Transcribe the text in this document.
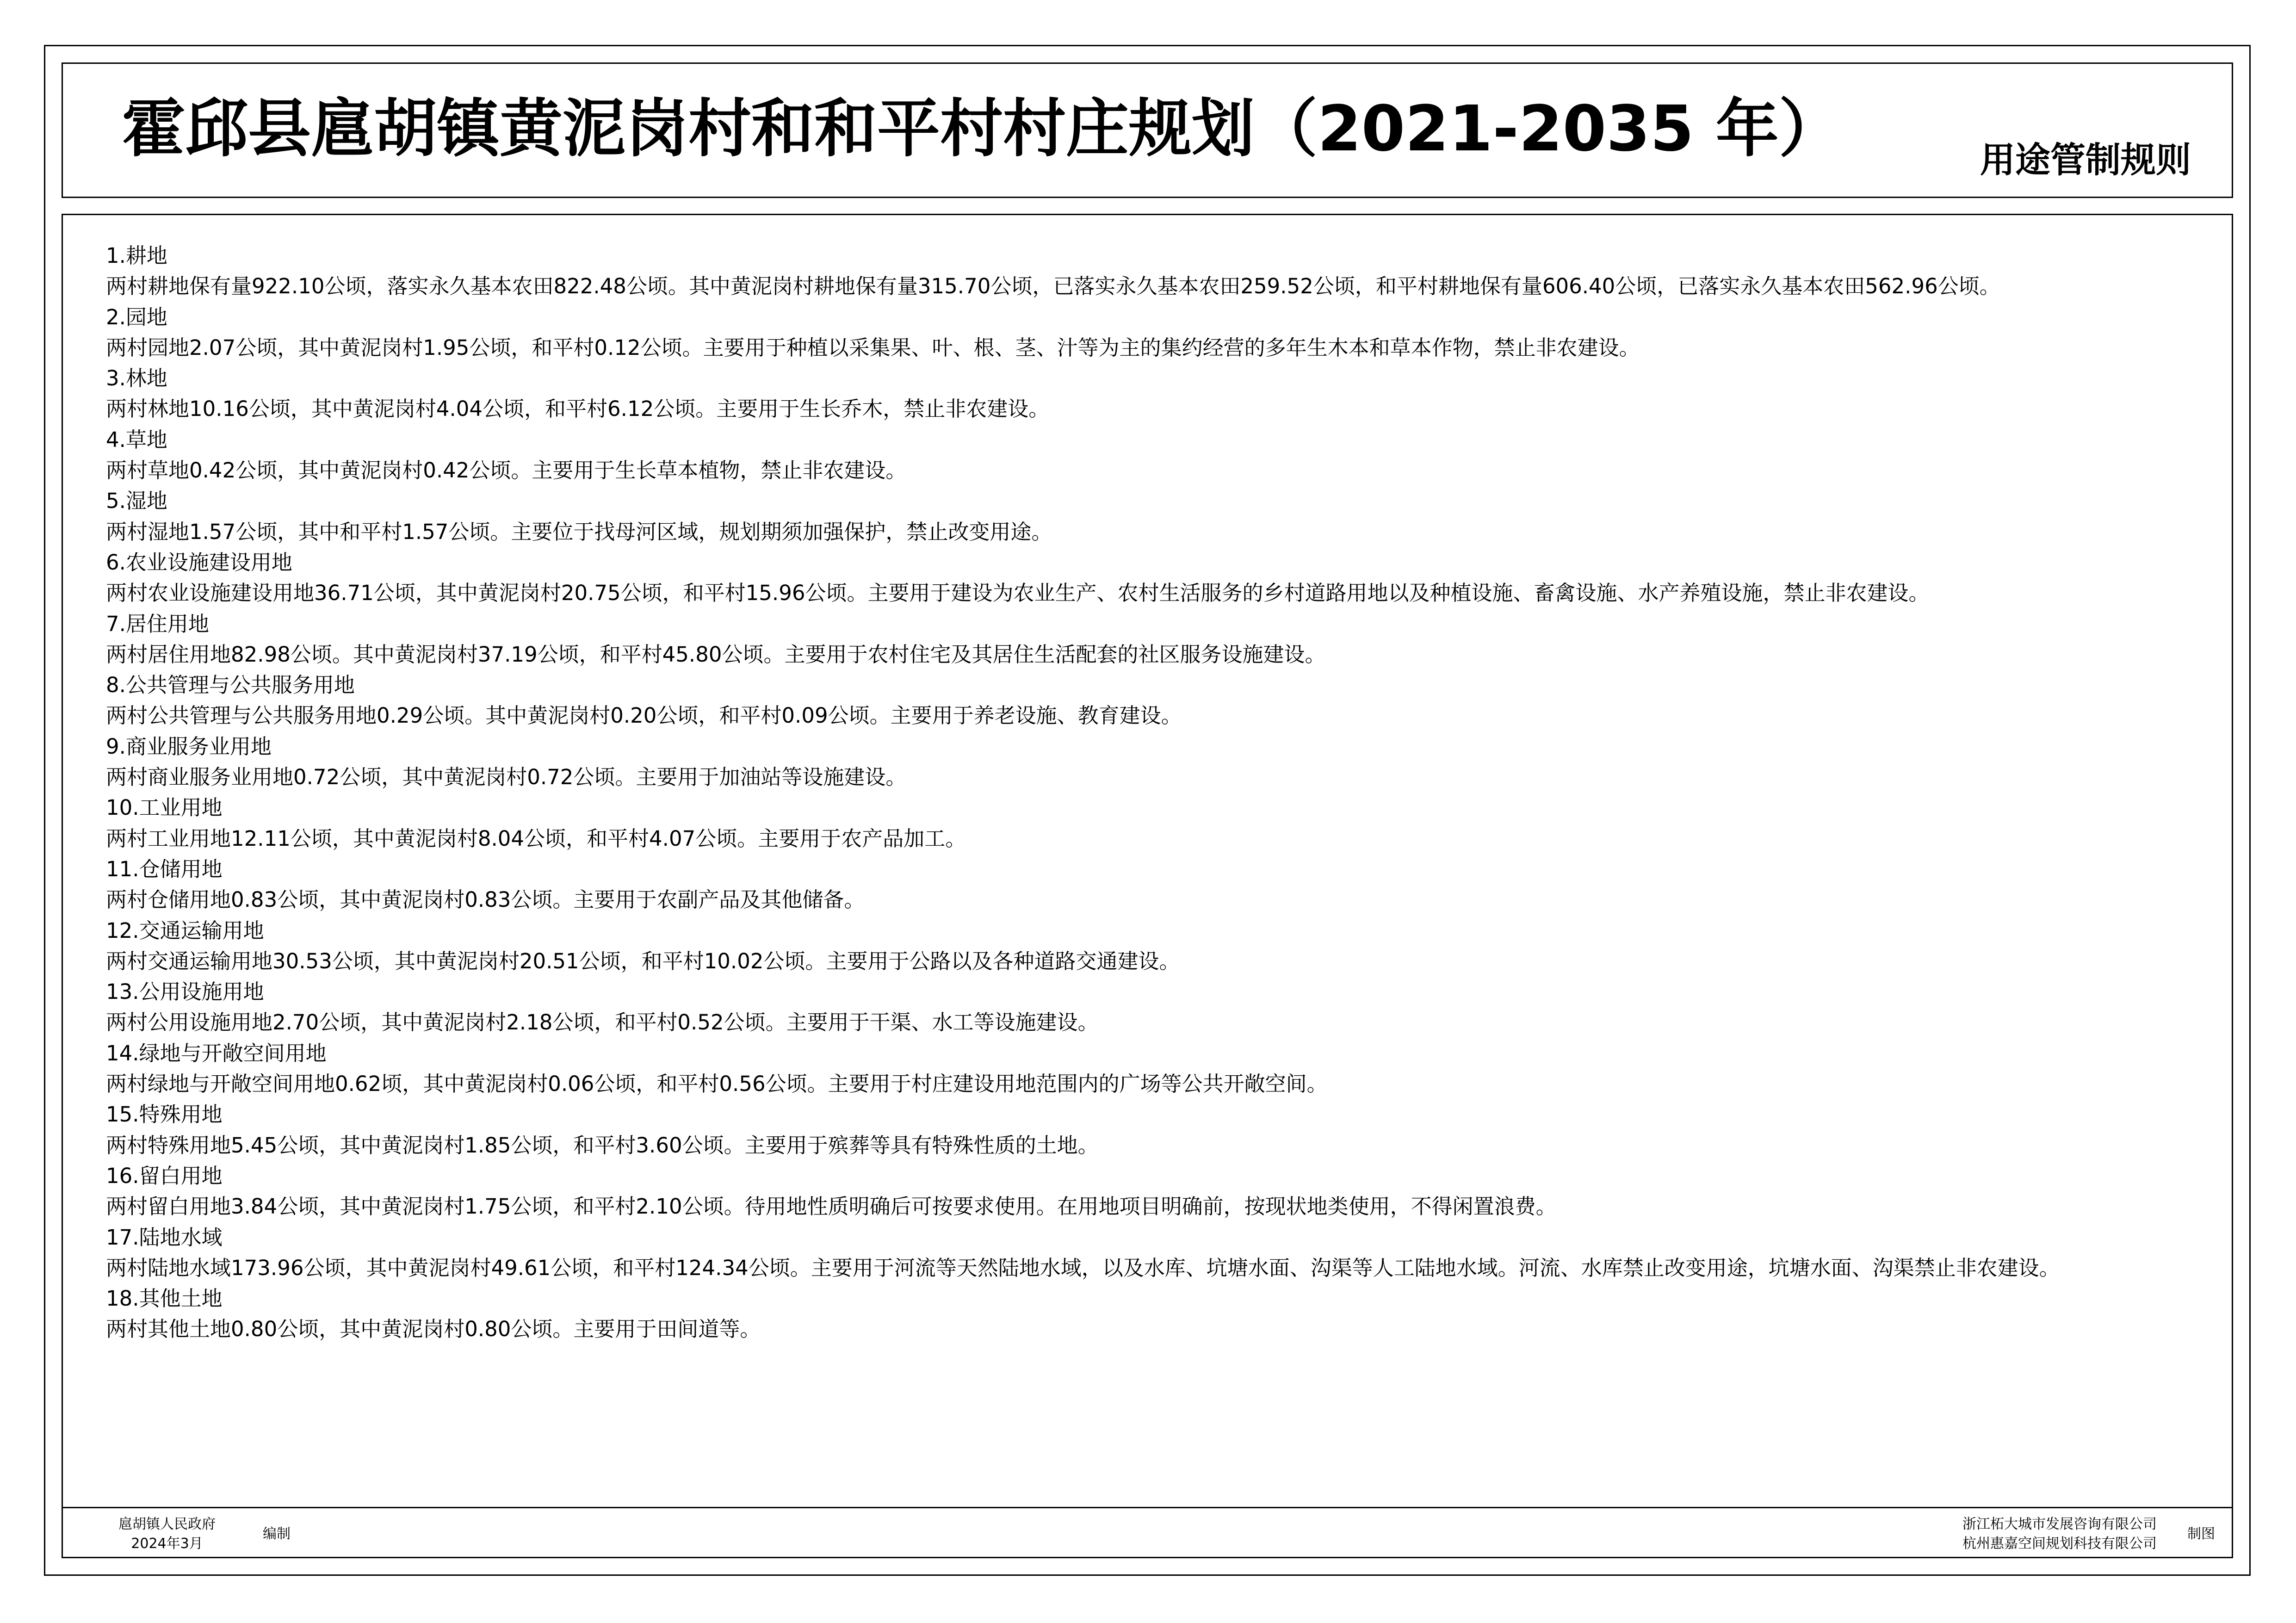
霍邱县扈胡镇黄泥岗村和和平村村庄规划（2021-2035 年）	用途管制规则
1.耕地
两村耕地保有量922.10公顷，落实永久基本农田822.48公顷。其中黄泥岗村耕地保有量315.70公顷，已落实永久基本农田259.52公顷，和平村耕地保有量606.40公顷，已落实永久基本农田562.96公顷。
2.园地
两村园地2.07公顷，其中黄泥岗村1.95公顷，和平村0.12公顷。主要用于种植以采集果、叶、根、茎、汁等为主的集约经营的多年生木本和草本作物，禁止非农建设。
3.林地
两村林地10.16公顷，其中黄泥岗村4.04公顷，和平村6.12公顷。主要用于生长乔木，禁止非农建设。
4.草地
两村草地0.42公顷，其中黄泥岗村0.42公顷。主要用于生长草本植物，禁止非农建设。
5.湿地
两村湿地1.57公顷，其中和平村1.57公顷。主要位于找母河区域，规划期须加强保护，禁止改变用途。
6.农业设施建设用地
两村农业设施建设用地36.71公顷，其中黄泥岗村20.75公顷，和平村15.96公顷。主要用于建设为农业生产、农村生活服务的乡村道路用地以及种植设施、畜禽设施、水产养殖设施，禁止非农建设。
7.居住用地
两村居住用地82.98公顷。其中黄泥岗村37.19公顷，和平村45.80公顷。主要用于农村住宅及其居住生活配套的社区服务设施建设。
8.公共管理与公共服务用地
两村公共管理与公共服务用地0.29公顷。其中黄泥岗村0.20公顷，和平村0.09公顷。主要用于养老设施、教育建设。
9.商业服务业用地
两村商业服务业用地0.72公顷，其中黄泥岗村0.72公顷。主要用于加油站等设施建设。
10.工业用地
两村工业用地12.11公顷，其中黄泥岗村8.04公顷，和平村4.07公顷。主要用于农产品加工。
11.仓储用地
两村仓储用地0.83公顷，其中黄泥岗村0.83公顷。主要用于农副产品及其他储备。
12.交通运输用地
两村交通运输用地30.53公顷，其中黄泥岗村20.51公顷，和平村10.02公顷。主要用于公路以及各种道路交通建设。
13.公用设施用地
两村公用设施用地2.70公顷，其中黄泥岗村2.18公顷，和平村0.52公顷。主要用于干渠、水工等设施建设。
14.绿地与开敞空间用地
两村绿地与开敞空间用地0.62顷，其中黄泥岗村0.06公顷，和平村0.56公顷。主要用于村庄建设用地范围内的广场等公共开敞空间。
15.特殊用地
两村特殊用地5.45公顷，其中黄泥岗村1.85公顷，和平村3.60公顷。主要用于殡葬等具有特殊性质的土地。
16.留白用地
两村留白用地3.84公顷，其中黄泥岗村1.75公顷，和平村2.10公顷。待用地性质明确后可按要求使用。在用地项目明确前，按现状地类使用，不得闲置浪费。
17.陆地水域
两村陆地水域173.96公顷，其中黄泥岗村49.61公顷，和平村124.34公顷。主要用于河流等天然陆地水域，以及水库、坑塘水面、沟渠等人工陆地水域。河流、水库禁止改变用途，坑塘水面、沟渠禁止非农建设。
18.其他土地
两村其他土地0.80公顷，其中黄泥岗村0.80公顷。主要用于田间道等。
扈胡镇人民政府
2024年3月
编制
浙江柘大城市发展咨询有限公司
杭州惠嘉空间规划科技有限公司
制图
